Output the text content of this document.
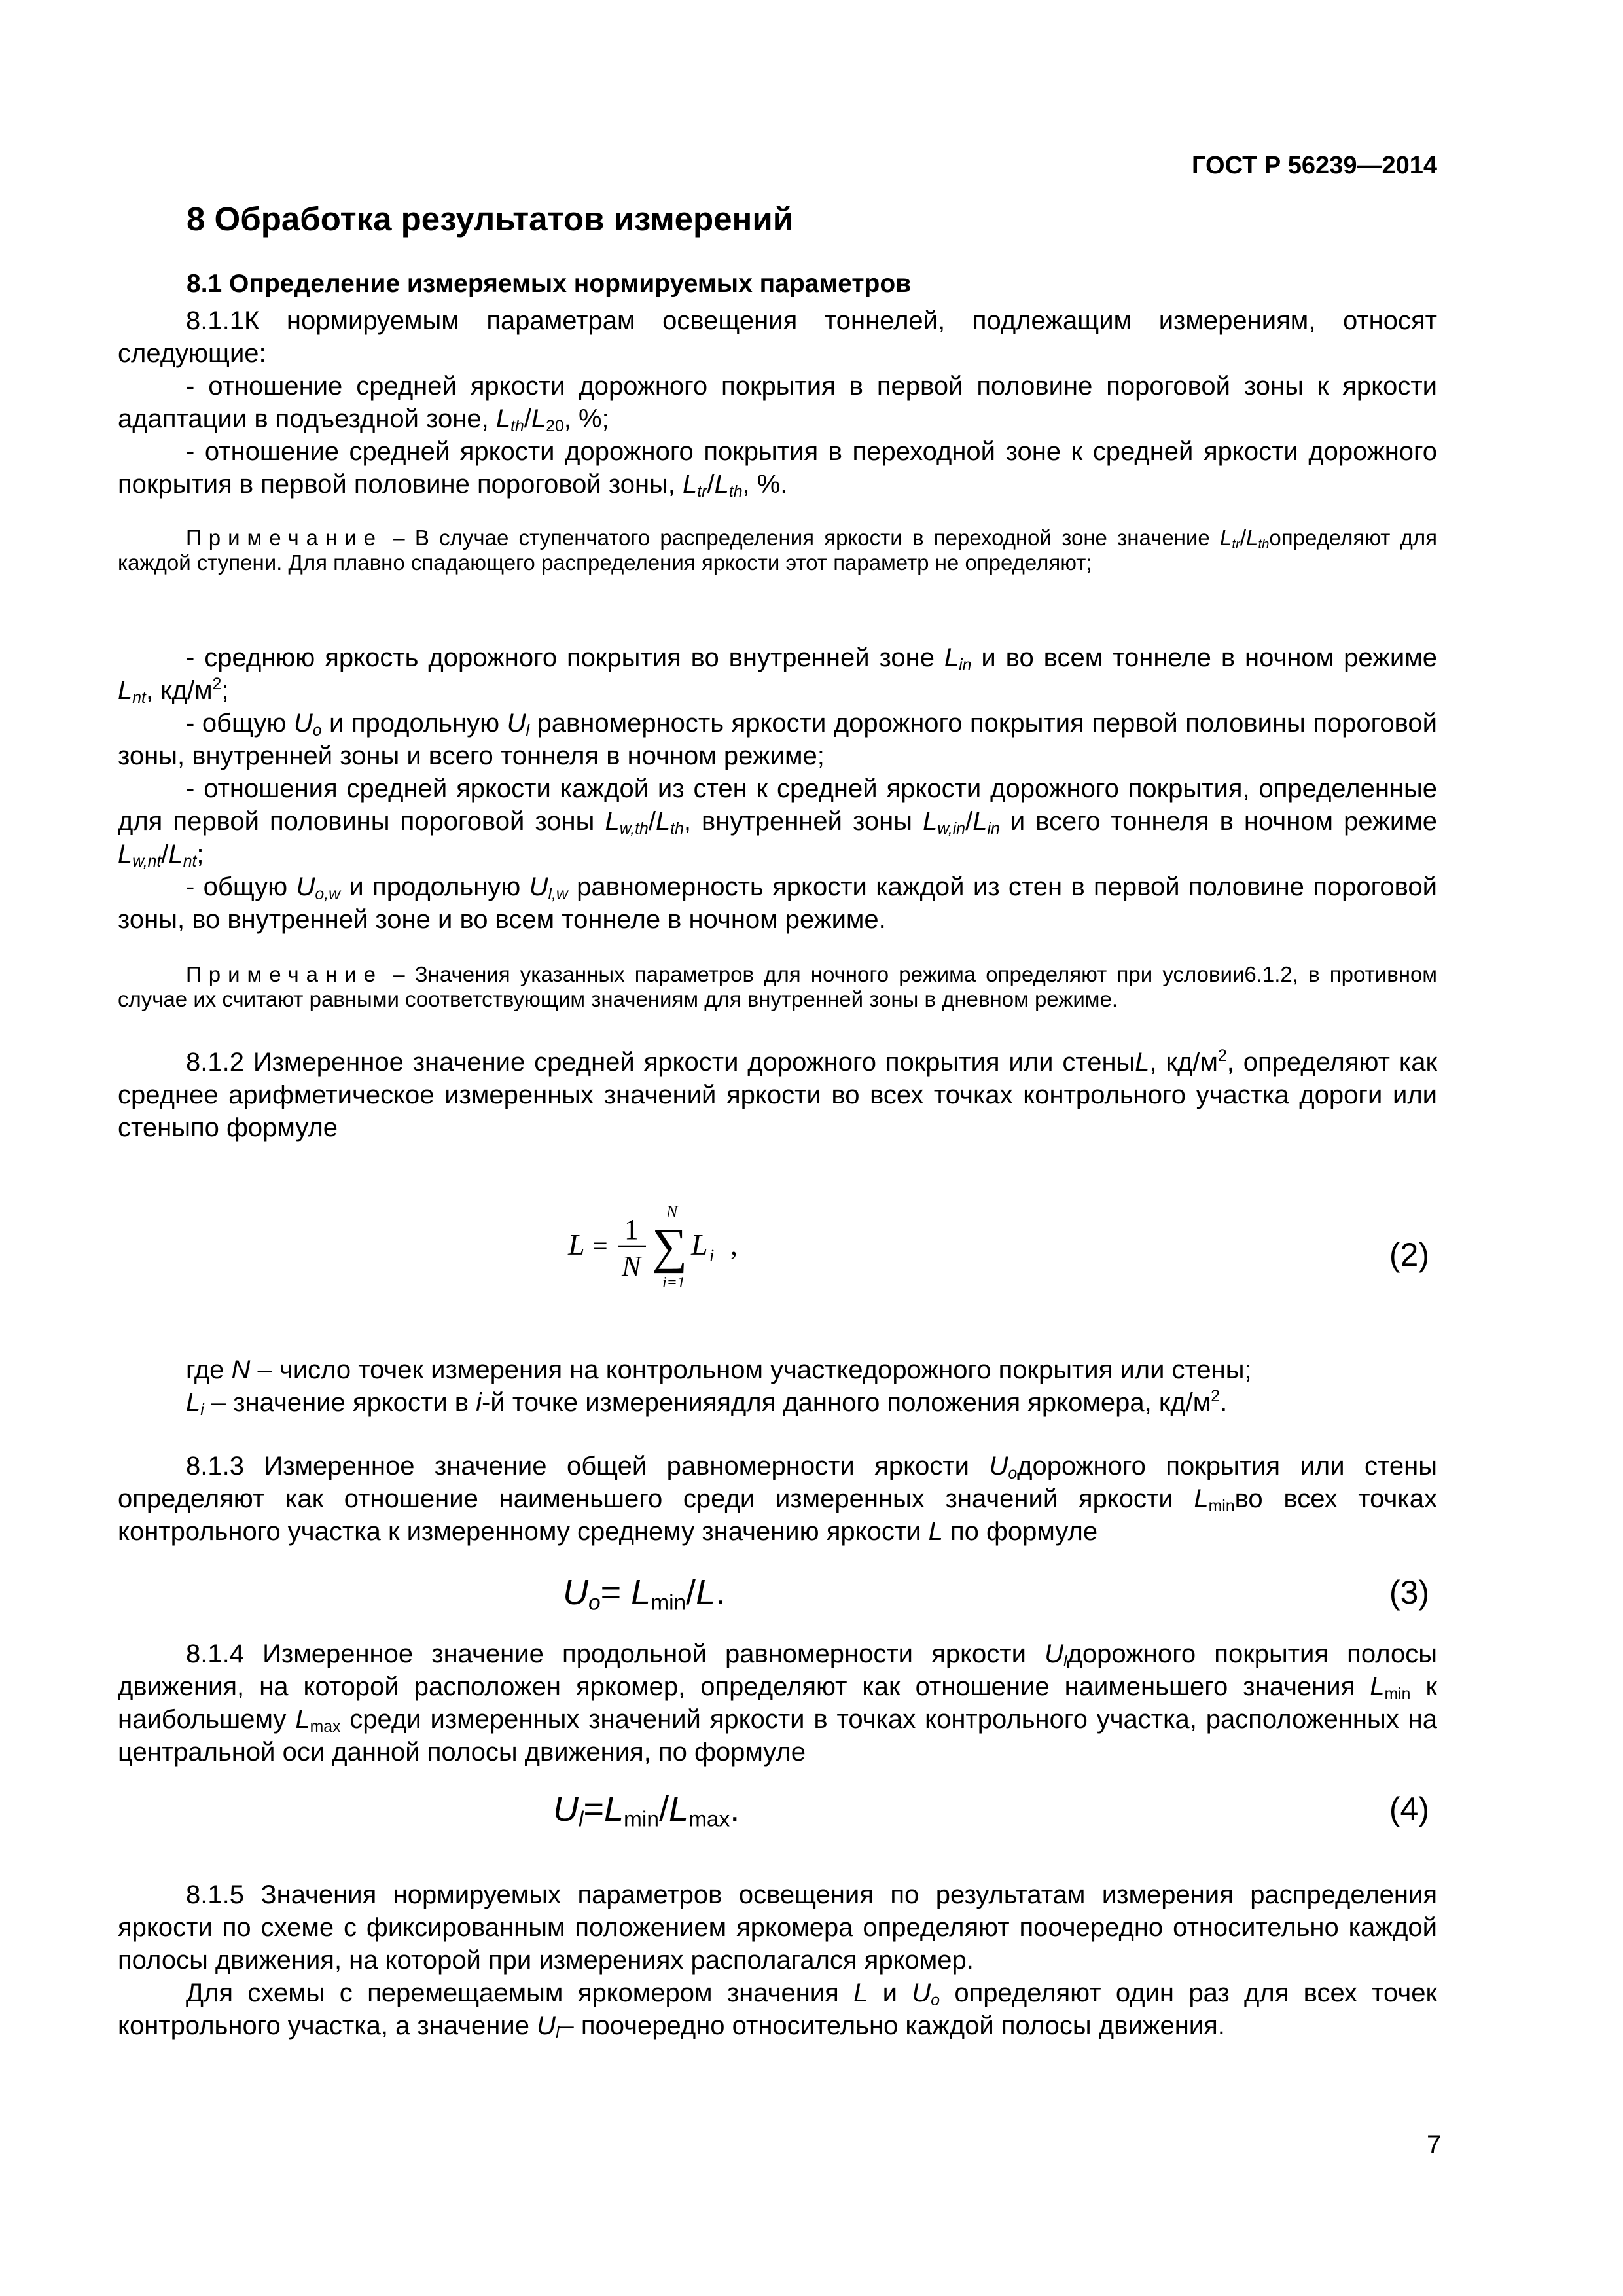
ГОСТ Р 56239—2014
8 Обработка результатов измерений
8.1 Определение измеряемых нормируемых параметров

8.1.1К нормируемым параметрам освещения тоннелей, подлежащим измерениям, относят следующие:

- отношение средней яркости дорожного покрытия в первой половине пороговой зоны к яркости адаптации в подъездной зоне, $L_{th}/L_{20}$, %;

- отношение средней яркости дорожного покрытия в переходной зоне к средней яркости дорожного покрытия в первой половине пороговой зоны, $L_{tr}/L_{th}$, %.

Примечание – В случае ступенчатого распределения яркости в переходной зоне значение $L_{tr}/L_{th}определяют$ для каждой ступени. Для плавно спадающего распределения яркости этот параметр не определяют;

- среднюю яркость дорожного покрытия во внутренней зоне $L_{in}$ и во всем тоннеле в ночном режиме $L_{nt}$, $кд/м^2$;

- общую $U_o$ и продольную $U_l$ равномерность яркости дорожного покрытия первой половины пороговой зоны, внутренней зоны и всего тоннеля в ночном режиме;

- отношения средней яркости каждой из стен к средней яркости дорожного покрытия, определенные для первой половины пороговой зоны $L_{w,th}/L_{th}$, внутренней зоны $L_{w,in}/L_{in}$ и всего тоннеля в ночном режиме $L_{w,nt}/L_{nt}$;

- общую $U_{o,w}$ и продольную $U_{l,w}$ равномерность яркости каждой из стен в первой половине пороговой зоны, во внутренней зоне и во всем тоннеле в ночном режиме.

Примечание – Значения указанных параметров для ночного режима определяют при условии6.1.2, в противном случае их считают равными соответствующим значениям для внутренней зоны в дневном режиме.

8.1.2 Измеренное значение средней яркости дорожного покрытия или стеныL, $кд/м^2$, определяют как среднее арифметическое измеренных значений яркости во всех точках контрольного участка дороги или стеныпо формуле

L =
1
N
N
∑
i=1
L i ,	(2)

где N – число точек измерения на контрольном участкедорожного покрытия или стены;

$L_i$ – значение яркости в i-й точке измеренияядля данного положения яркомера, $кд/м^2$.

8.1.3 Измеренное значение общей равномерности яркости $U_oдорожного$ покрытия или стены определяют как отношение наименьшего среди измеренных значений яркости $L_{min}во$ всех точках контрольного участка к измеренному среднему значению яркости L по формуле

$U_o= L_{min}/L$.	(3)

8.1.4 Измеренное значение продольной равномерности яркости $U_lдорожного$ покрытия полосы движения, на которой расположен яркомер, определяют как отношение наименьшего значения $L_{min}$ к наибольшему $L_{max}$ среди измеренных значений яркости в точках контрольного участка, расположенных на центральной оси данной полосы движения, по формуле

$U_l=L_{min}/L_{max}$.	(4)

8.1.5 Значения нормируемых параметров освещения по результатам измерения распределения яркости по схеме с фиксированным положением яркомера определяют поочередно относительно каждой полосы движения, на которой при измерениях располагался яркомер.

Для схемы с перемещаемым яркомером значения L и $U_o$ определяют один раз для всех точек контрольного участка, а значение $U_l-$ поочередно относительно каждой полосы движения.

7
